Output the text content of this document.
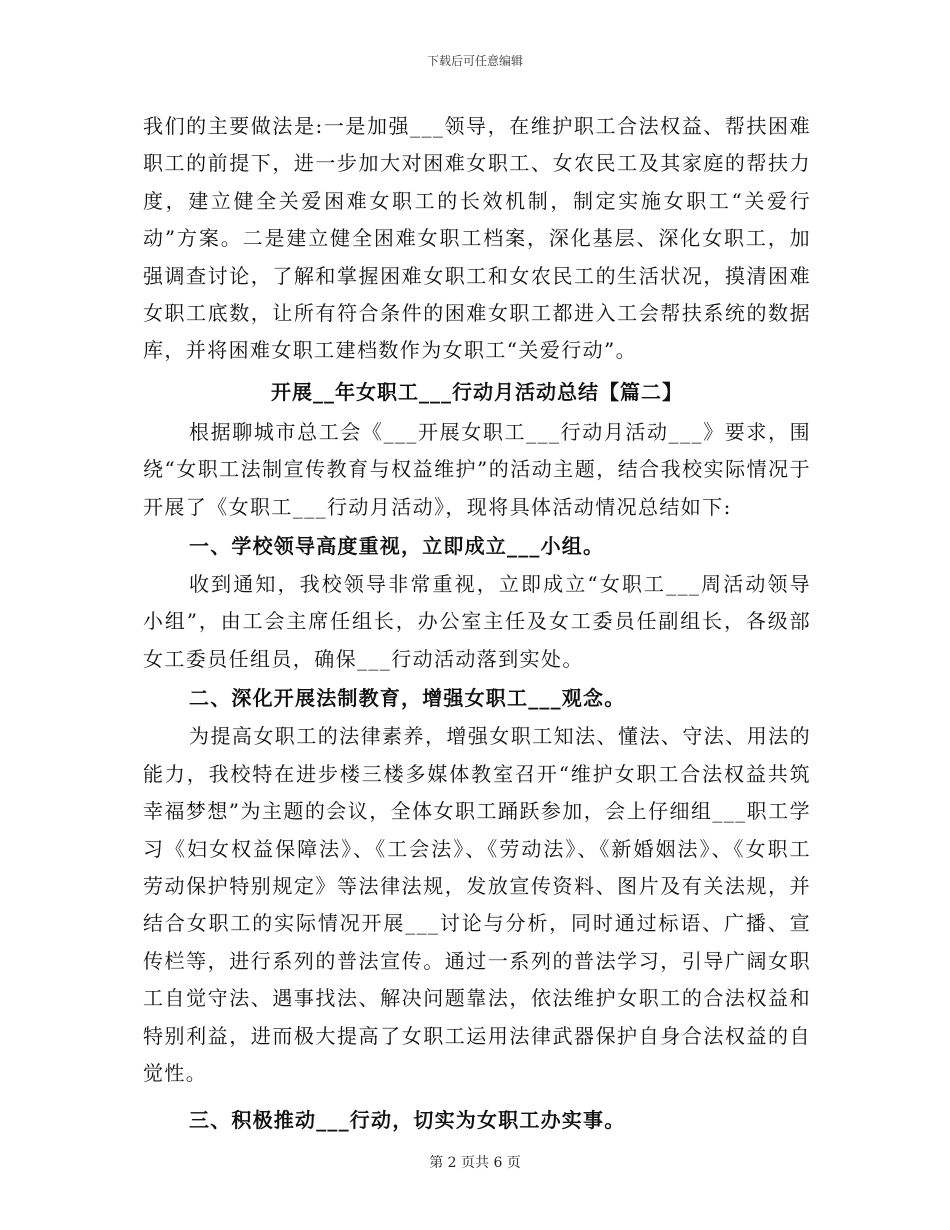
下载后可任意编辑

我们的主要做法是:一是加强___领导，在维护职工合法权益、帮扶困难职工的前提下，进一步加大对困难女职工、女农民工及其家庭的帮扶力度，建立健全关爱困难女职工的长效机制，制定实施女职工“关爱行动”方案。二是建立健全困难女职工档案，深化基层、深化女职工，加强调查讨论，了解和掌握困难女职工和女农民工的生活状况，摸清困难女职工底数，让所有符合条件的困难女职工都进入工会帮扶系统的数据库，并将困难女职工建档数作为女职工“关爱行动”。

开展__年女职工___行动月活动总结【篇二】

根据聊城市总工会《___开展女职工___行动月活动___》要求，围绕“女职工法制宣传教育与权益维护”的活动主题，结合我校实际情况于开展了《女职工___行动月活动》，现将具体活动情况总结如下:

一、学校领导高度重视，立即成立___小组。

收到通知，我校领导非常重视，立即成立“女职工___周活动领导小组”，由工会主席任组长，办公室主任及女工委员任副组长，各级部女工委员任组员，确保___行动活动落到实处。

二、深化开展法制教育，增强女职工___观念。

为提高女职工的法律素养，增强女职工知法、懂法、守法、用法的能力，我校特在进步楼三楼多媒体教室召开“维护女职工合法权益共筑幸福梦想”为主题的会议，全体女职工踊跃参加，会上仔细组___职工学习《妇女权益保障法》、《工会法》、《劳动法》、《新婚姻法》、《女职工劳动保护特别规定》等法律法规，发放宣传资料、图片及有关法规，并结合女职工的实际情况开展___讨论与分析，同时通过标语、广播、宣传栏等，进行系列的普法宣传。通过一系列的普法学习，引导广阔女职工自觉守法、遇事找法、解决问题靠法，依法维护女职工的合法权益和特别利益，进而极大提高了女职工运用法律武器保护自身合法权益的自觉性。

三、积极推动___行动，切实为女职工办实事。
第 2 页共 6 页
